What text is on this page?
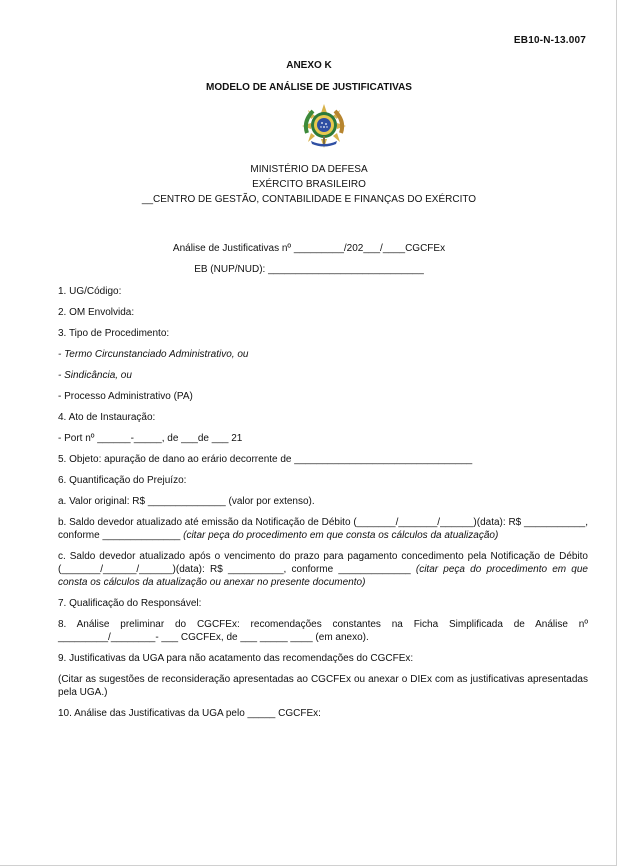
EB10-N-13.007
ANEXO K
MODELO DE ANÁLISE DE JUSTIFICATIVAS
MINISTÉRIO DA DEFESA
EXÉRCITO BRASILEIRO
__CENTRO DE GESTÃO, CONTABILIDADE E FINANÇAS DO EXÉRCITO
Análise de Justificativas nº _________/202___/____CGCFEx
EB (NUP/NUD): ____________________________

1. UG/Código:

2. OM Envolvida:

3. Tipo de Procedimento:

- Termo Circunstanciado Administrativo, ou

- Sindicância, ou

- Processo Administrativo (PA)

4. Ato de Instauração:

- Port nº ______-_____, de ___de ___ 21

5. Objeto: apuração de dano ao erário decorrente de ________________________________

6. Quantificação do Prejuízo:

a. Valor original: R$ ______________ (valor por extenso).

b. Saldo devedor atualizado até emissão da Notificação de Débito (_______/_______/______)(data): R$ ___________, conforme ______________ (citar peça do procedimento em que consta os cálculos da atualização)

c. Saldo devedor atualizado após o vencimento do prazo para pagamento concedimento pela Notificação de Débito (_______/______/______)(data): R$ __________, conforme _____________ (citar peça do procedimento em que consta os cálculos da atualização ou anexar no presente documento)

7. Qualificação do Responsável:

8. Análise preliminar do CGCFEx: recomendações constantes na Ficha Simplificada de Análise nº _________/________- ___ CGCFEx, de ___ _____ ____ (em anexo).

9. Justificativas da UGA para não acatamento das recomendações do CGCFEx:

(Citar as sugestões de reconsideração apresentadas ao CGCFEx ou anexar o DIEx com as justificativas apresentadas pela UGA.)

10. Análise das Justificativas da UGA pelo _____ CGCFEx:
